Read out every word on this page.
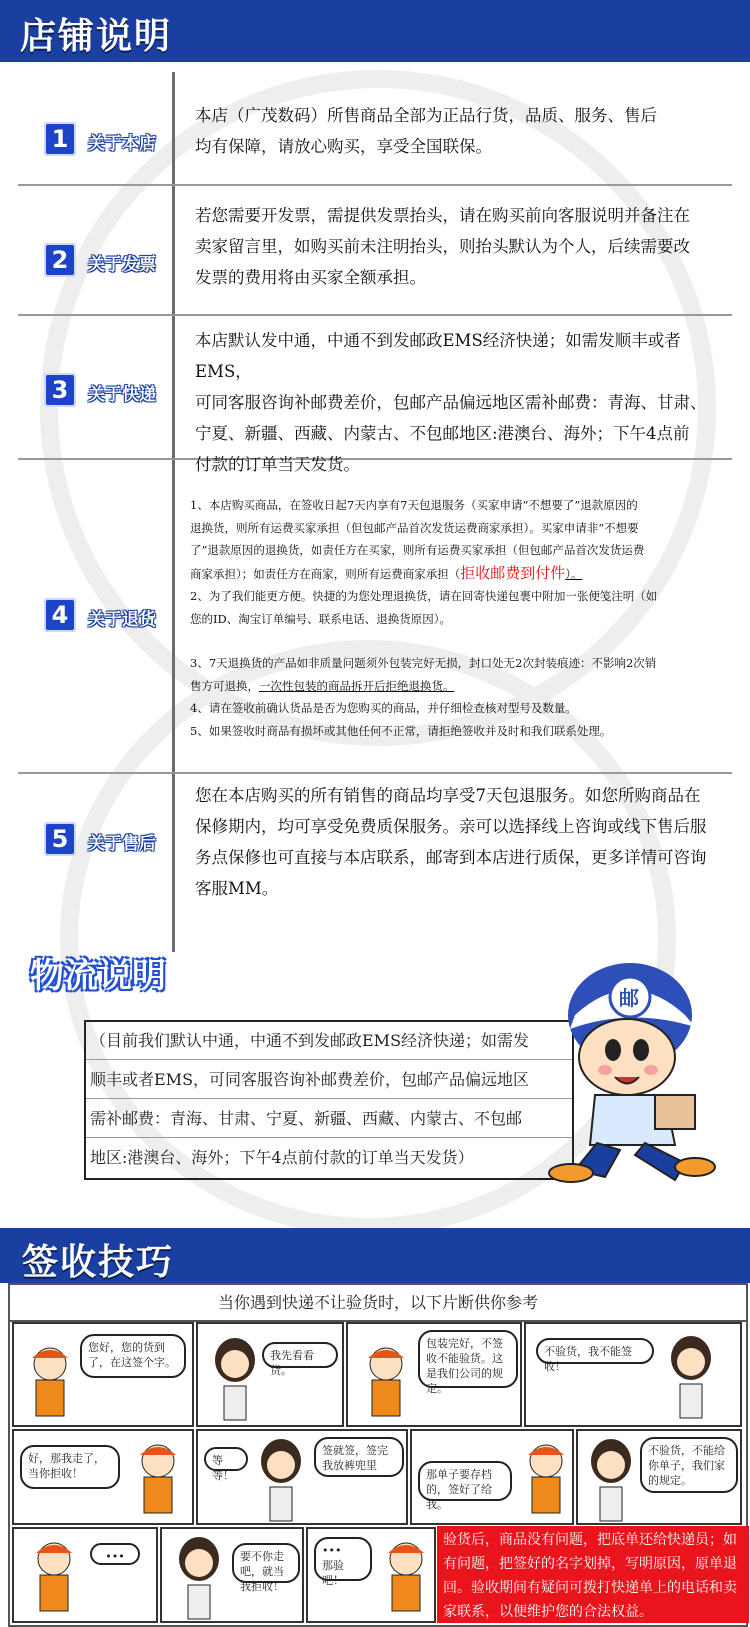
店铺说明
1	关于本店
本店（广茂数码）所售商品全部为正品行货，品质、服务、售后
均有保障，请放心购买，享受全国联保。
2	关于发票
若您需要开发票，需提供发票抬头，请在购买前向客服说明并备注在
卖家留言里，如购买前未注明抬头，则抬头默认为个人，后续需要改
发票的费用将由买家全额承担。
3	关于快递
本店默认发中通，中通不到发邮政EMS经济快递；如需发顺丰或者EMS，
可同客服咨询补邮费差价，包邮产品偏远地区需补邮费：青海、甘肃、
宁夏、新疆、西藏、内蒙古、不包邮地区:港澳台、海外；下午4点前
付款的订单当天发货。
4	关于退货
1、本店购买商品，在签收日起7天内享有7天包退服务（买家申请“不想要了”退款原因的
退换货，则所有运费买家承担（但包邮产品首次发货运费商家承担）。买家申请非“不想要
了”退款原因的退换货，如责任方在买家，则所有运费买家承担（但包邮产品首次发货运费
商家承担）；如责任方在商家，则所有运费商家承担（拒收邮费到付件）。
2、为了我们能更方便。快捷的为您处理退换货，请在回寄快递包裹中附加一张便笺注明（如
您的ID、淘宝订单编号、联系电话、退换货原因）。
3、7天退换货的产品如非质量问题须外包装完好无损，封口处无2次封装痕迹：不影响2次销
售方可退换，一次性包装的商品拆开后拒绝退换货。
4、请在签收前确认货品是否为您购买的商品，并仔细检查核对型号及数量。
5、如果签收时商品有损坏或其他任何不正常，请拒绝签收并及时和我们联系处理。
5	关于售后
您在本店购买的所有销售的商品均享受7天包退服务。如您所购商品在
保修期内，均可享受免费质保服务。亲可以选择线上咨询或线下售后服
务点保修也可直接与本店联系，邮寄到本店进行质保，更多详情可咨询
客服MM。
物流说明
（目前我们默认中通，中通不到发邮政EMS经济快递；如需发
顺丰或者EMS，可同客服咨询补邮费差价，包邮产品偏远地区
需补邮费：青海、甘肃、宁夏、新疆、西藏、内蒙古、不包邮
地区:港澳台、海外；下午4点前付款的订单当天发货）
邮
签收技巧
当你遇到快递不让验货时，以下片断供你参考
您好，您的货到了，在这签个字。
我先看看货。
包装完好，不签收不能验货。这是我们公司的规定。
不验货，我不能签收！
好，那我走了，当你拒收！
等等！
签就签，签完我放裤兜里
那单子要存档的，签好了给我。
不验货，不能给你单子，我们家的规定。
•••	要不你走吧，就当我拒收！
•••
那验吧！
验货后，商品没有问题，把底单还给快递员；如有问题，把签好的名字划掉，写明原因，原单退回。验收期间有疑问可拨打快递单上的电话和卖家联系，以便维护您的合法权益。
